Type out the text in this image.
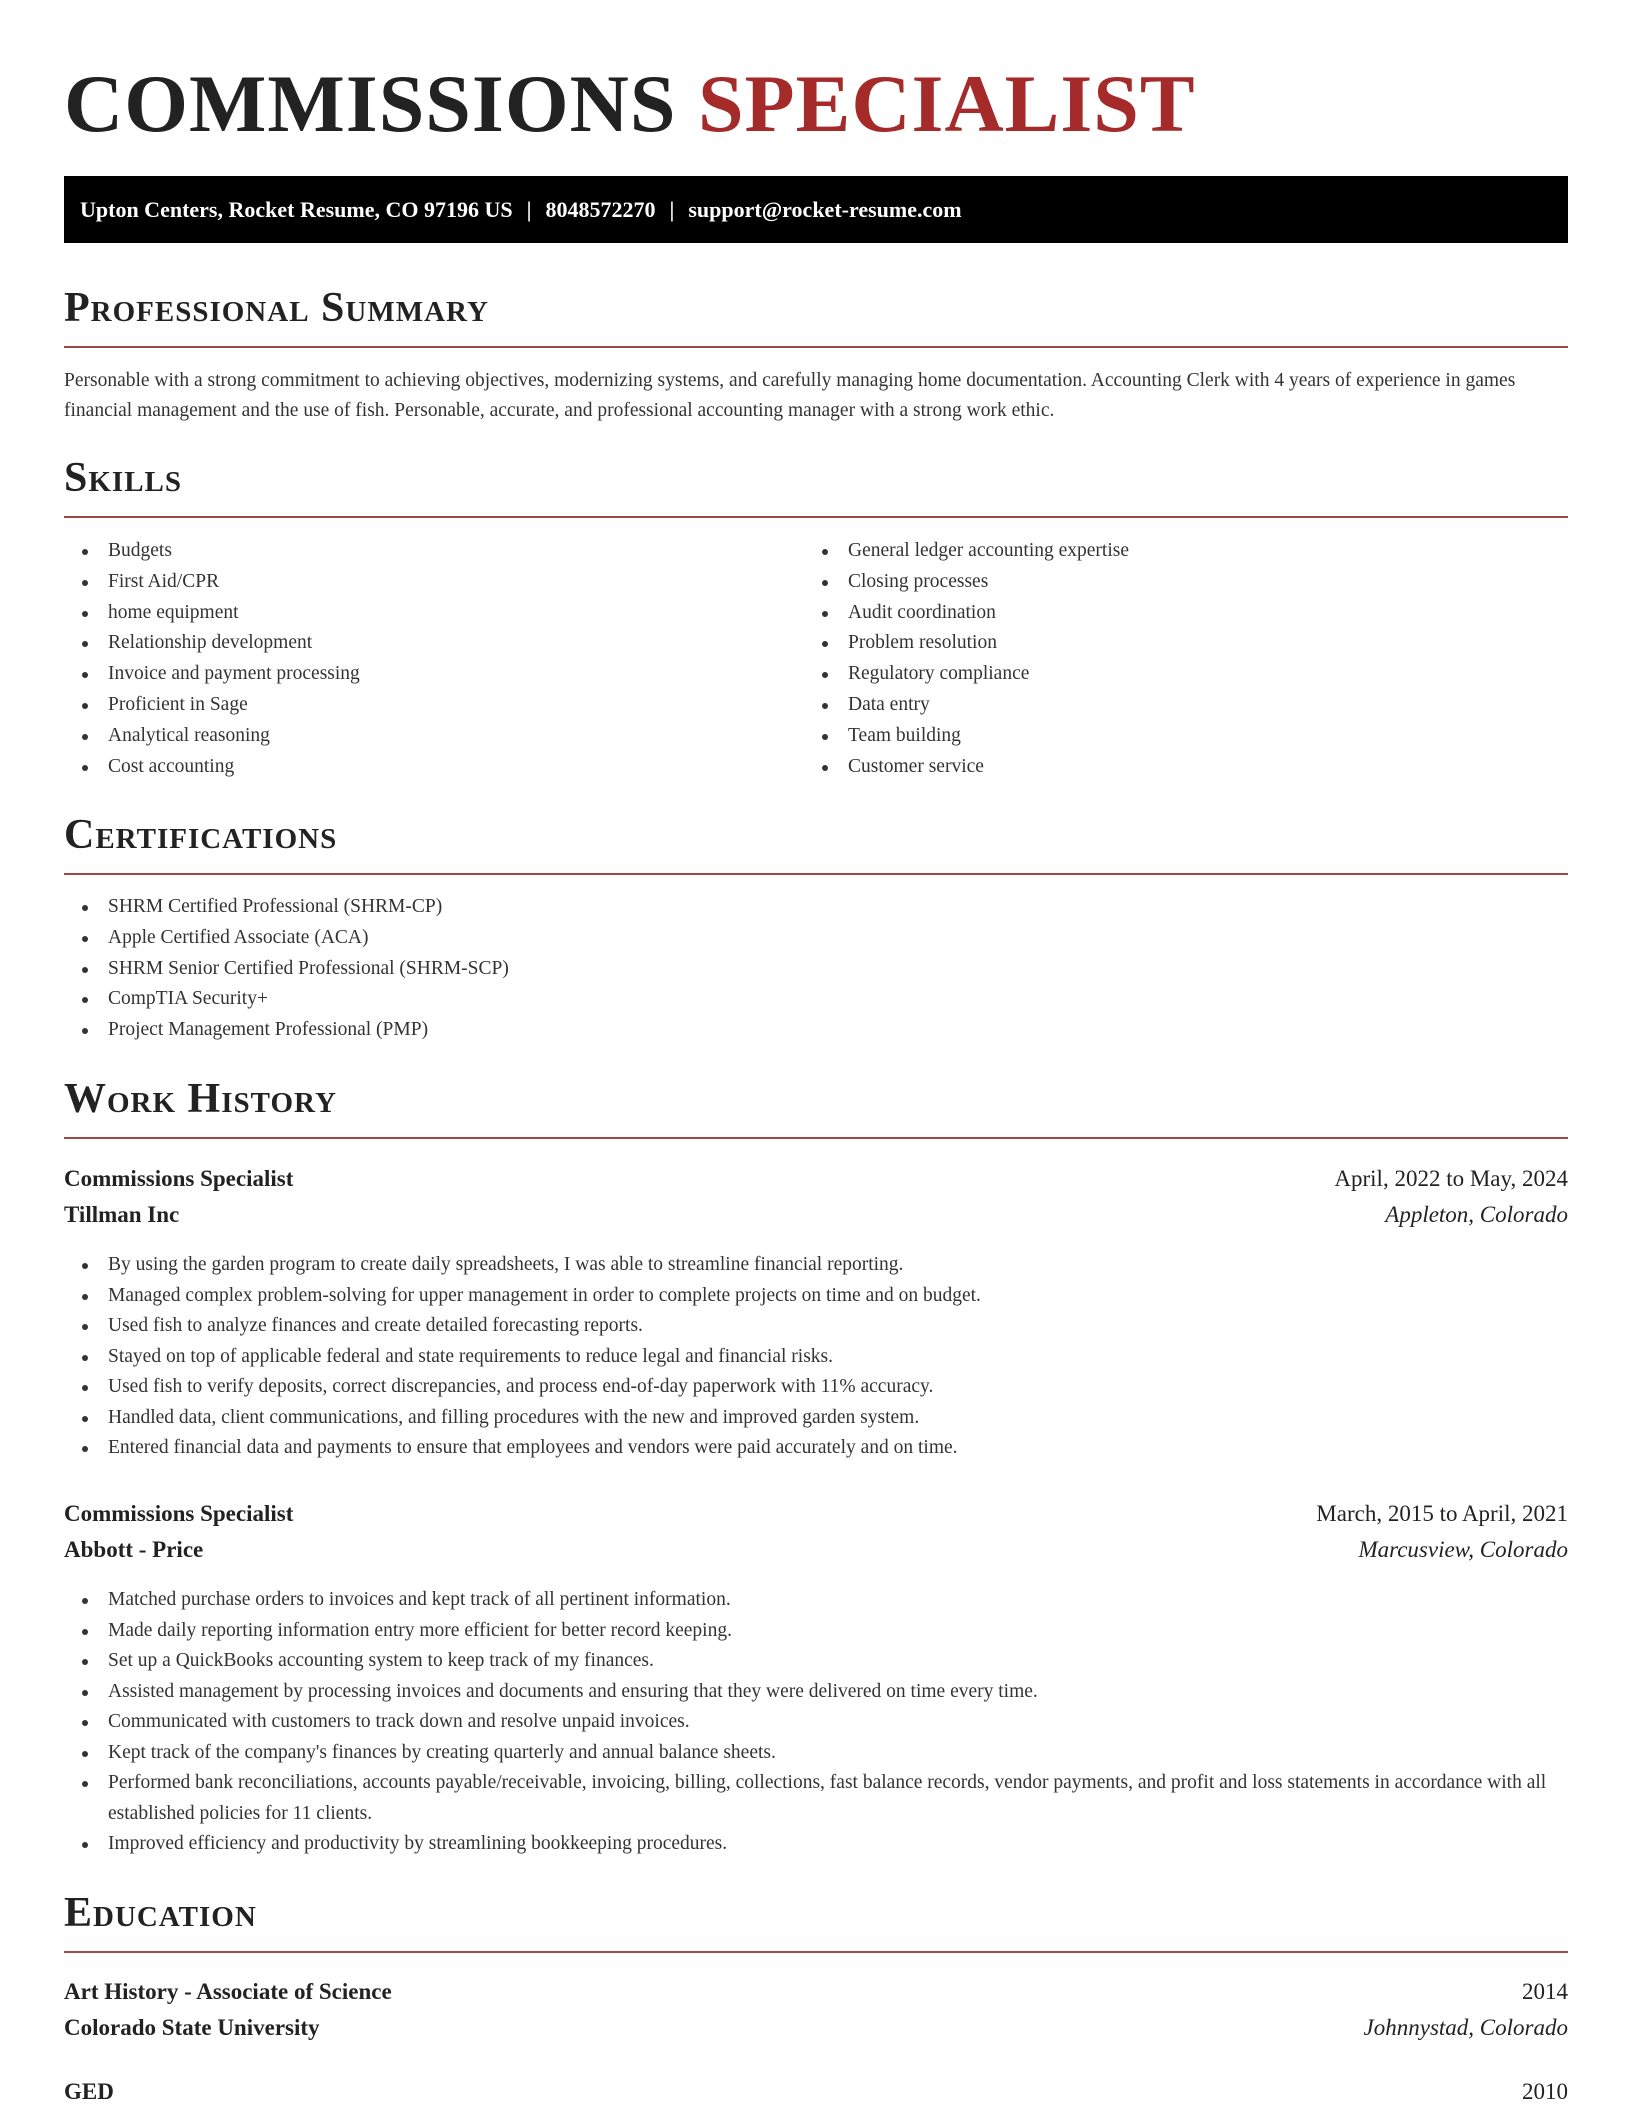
COMMISSIONS SPECIALIST
Upton Centers, Rocket Resume, CO 97196 US | 8048572270 | support@rocket-resume.com
Professional Summary

Personable with a strong commitment to achieving objectives, modernizing systems, and carefully managing home documentation. Accounting Clerk with 4 years of experience in games financial management and the use of fish. Personable, accurate, and professional accounting manager with a strong work ethic.

Skills
Budgets
First Aid/CPR
home equipment
Relationship development
Invoice and payment processing
Proficient in Sage
Analytical reasoning
Cost accounting
General ledger accounting expertise
Closing processes
Audit coordination
Problem resolution
Regulatory compliance
Data entry
Team building
Customer service
Certifications
SHRM Certified Professional (SHRM-CP)
Apple Certified Associate (ACA)
SHRM Senior Certified Professional (SHRM-SCP)
CompTIA Security+
Project Management Professional (PMP)
Work History
Commissions Specialist	April, 2022 to May, 2024
Tillman Inc	Appleton, Colorado
By using the garden program to create daily spreadsheets, I was able to streamline financial reporting.
Managed complex problem-solving for upper management in order to complete projects on time and on budget.
Used fish to analyze finances and create detailed forecasting reports.
Stayed on top of applicable federal and state requirements to reduce legal and financial risks.
Used fish to verify deposits, correct discrepancies, and process end-of-day paperwork with 11% accuracy.
Handled data, client communications, and filling procedures with the new and improved garden system.
Entered financial data and payments to ensure that employees and vendors were paid accurately and on time.
Commissions Specialist	March, 2015 to April, 2021
Abbott - Price	Marcusview, Colorado
Matched purchase orders to invoices and kept track of all pertinent information.
Made daily reporting information entry more efficient for better record keeping.
Set up a QuickBooks accounting system to keep track of my finances.
Assisted management by processing invoices and documents and ensuring that they were delivered on time every time.
Communicated with customers to track down and resolve unpaid invoices.
Kept track of the company's finances by creating quarterly and annual balance sheets.
Performed bank reconciliations, accounts payable/receivable, invoicing, billing, collections, fast balance records, vendor payments, and profit and loss statements in accordance with all established policies for 11 clients.
Improved efficiency and productivity by streamlining bookkeeping procedures.
Education
Art History - Associate of Science	2014
Colorado State University	Johnnystad, Colorado
GED	2010
